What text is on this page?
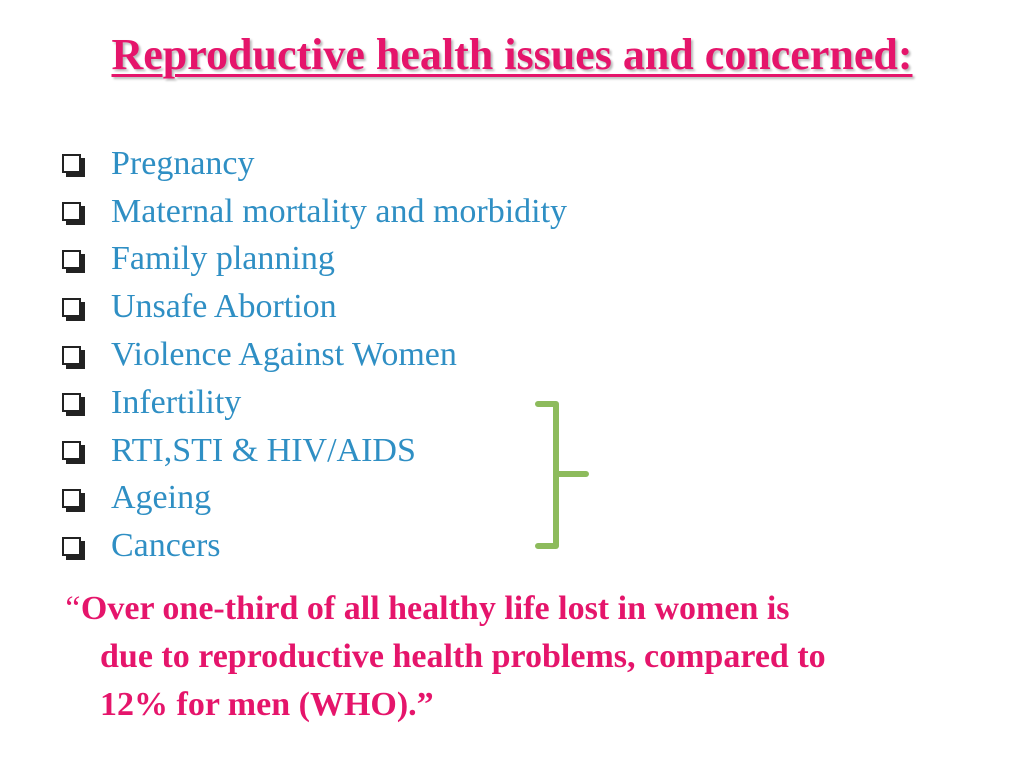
Reproductive health issues and concerned:
Pregnancy
Maternal mortality and morbidity
Family planning
Unsafe Abortion
Violence Against Women
Infertility
RTI,STI & HIV/AIDS
Ageing
Cancers
“Over one-third of all healthy life lost in women is
due to reproductive health problems, compared to
12% for men (WHO).”
